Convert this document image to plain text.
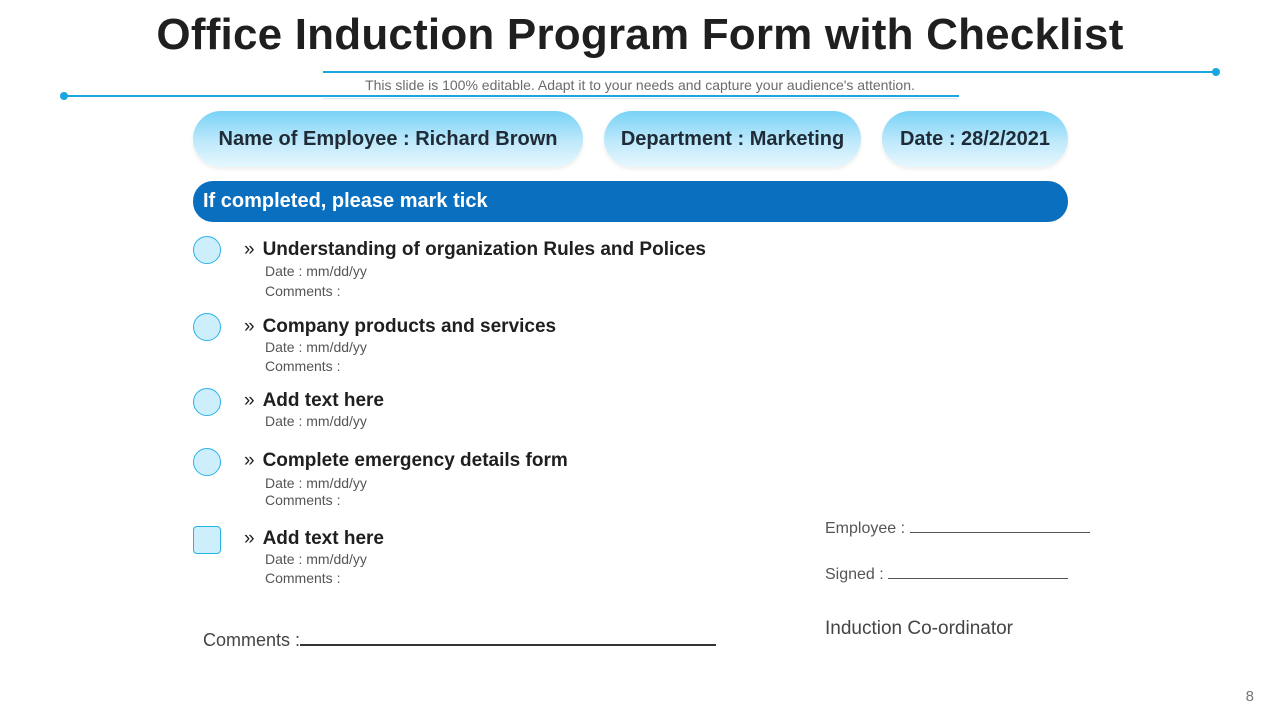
Office Induction Program Form with Checklist
This slide is 100% editable. Adapt it to your needs and capture your audience's attention.
Name of Employee : Richard Brown	Department : Marketing	Date : 28/2/2021
If completed, please mark tick
» Understanding of organization Rules and Polices
Date : mm/dd/yy
Comments :
» Company products and services
Date : mm/dd/yy
Comments :
» Add text here
Date : mm/dd/yy
» Complete emergency details form
Date : mm/dd/yy
Comments :
» Add text here
Date : mm/dd/yy
Comments :
Employee :
Signed :
Induction Co-ordinator
Comments :
8
